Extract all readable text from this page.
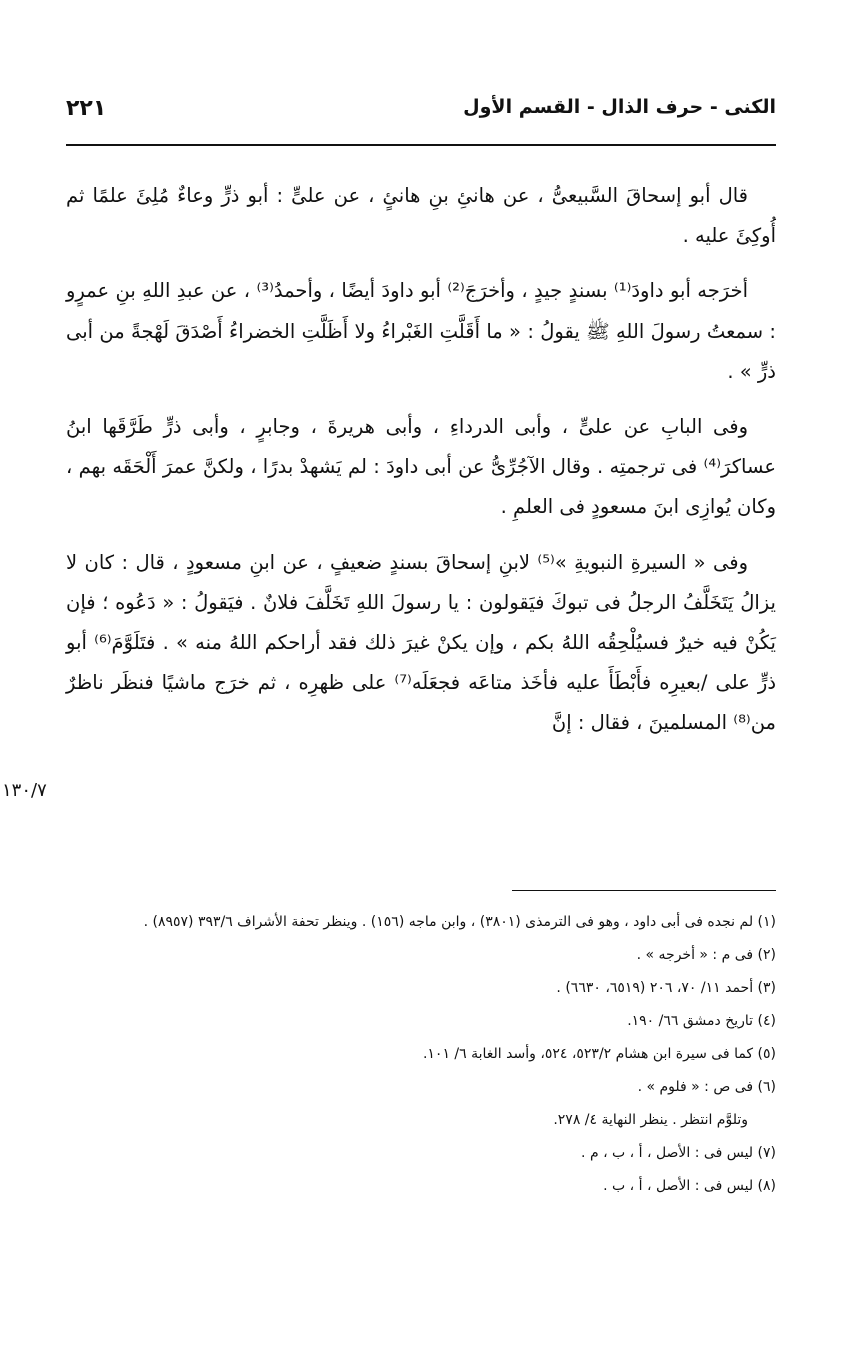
٢٢١	الكنى - حرف الذال - القسم الأول

قال أبو إسحاقَ السَّبيعىُّ ، عن هانئِ بنِ هانئٍ ، عن علىٍّ : أبو ذرٍّ وعاءٌ مُلِئَ علمًا ثم أُوكِئَ عليه .

أخرَجه أبو داودَ⁽¹⁾ بسندٍ جيدٍ ، وأخرَجَ⁽²⁾ أبو داودَ أيضًا ، وأحمدُ⁽³⁾ ، عن عبدِ اللهِ بنِ عمرٍو : سمعتُ رسولَ اللهِ ﷺ يقولُ : « ما أَقَلَّتِ الغَبْراءُ ولا أَظَلَّتِ الخضراءُ أَصْدَقَ لَهْجةً من أبى ذرٍّ » .

وفى البابِ عن علىٍّ ، وأبى الدرداءِ ، وأبى هريرةَ ، وجابرٍ ، وأبى ذرٍّ طَرَّقَها ابنُ عساكرَ⁽⁴⁾ فى ترجمتِه . وقال الآجُرِّىُّ عن أبى داودَ : لم يَشهدْ بدرًا ، ولكنَّ عمرَ أَلْحَقَه بهم ، وكان يُوازِى ابنَ مسعودٍ فى العلمِ .

وفى « السيرةِ النبويةِ »⁽⁵⁾ لابنِ إسحاقَ بسندٍ ضعيفٍ ، عن ابنِ مسعودٍ ، قال : كان لا يزالُ يَتَخَلَّفُ الرجلُ فى تبوكَ فيَقولون : يا رسولَ اللهِ تَخَلَّفَ فلانٌ . فيَقولُ : « دَعُوه ؛ فإن يَكُنْ فيه خيرٌ فسيُلْحِقُه اللهُ بكم ، وإن يكنْ غيرَ ذلك فقد أراحكم اللهُ منه » . فتَلَوَّمَ⁽⁶⁾ أبو ذرٍّ على /بعيرِه فأَبْطَأَ عليه فأخَذ متاعَه فجعَلَه⁽⁷⁾ على ظهرِه ، ثم خرَج ماشيًا فنظَر ناظرٌ من⁽⁸⁾ المسلمينَ ، فقال : إنَّ

١٣٠/٧

(١) لم نجده فى أبى داود ، وهو فى الترمذى (٣٨٠١) ، وابن ماجه (١٥٦) . وينظر تحفة الأشراف ٣٩٣/٦ (٨٩٥٧) .

(٢) فى م : « أخرجه » .

(٣) أحمد ١١/ ٧٠، ٢٠٦ (٦٥١٩، ٦٦٣٠) .

(٤) تاريخ دمشق ٦٦/ ١٩٠.

(٥) كما فى سيرة ابن هشام ٥٢٣/٢، ٥٢٤، وأسد الغابة ٦/ ١٠١.

(٦) فى ص : « فلوم » .

وتلوَّم انتظر . ينظر النهاية ٤/ ٢٧٨.

(٧) ليس فى : الأصل ، أ ، ب ، م .

(٨) ليس فى : الأصل ، أ ، ب .
